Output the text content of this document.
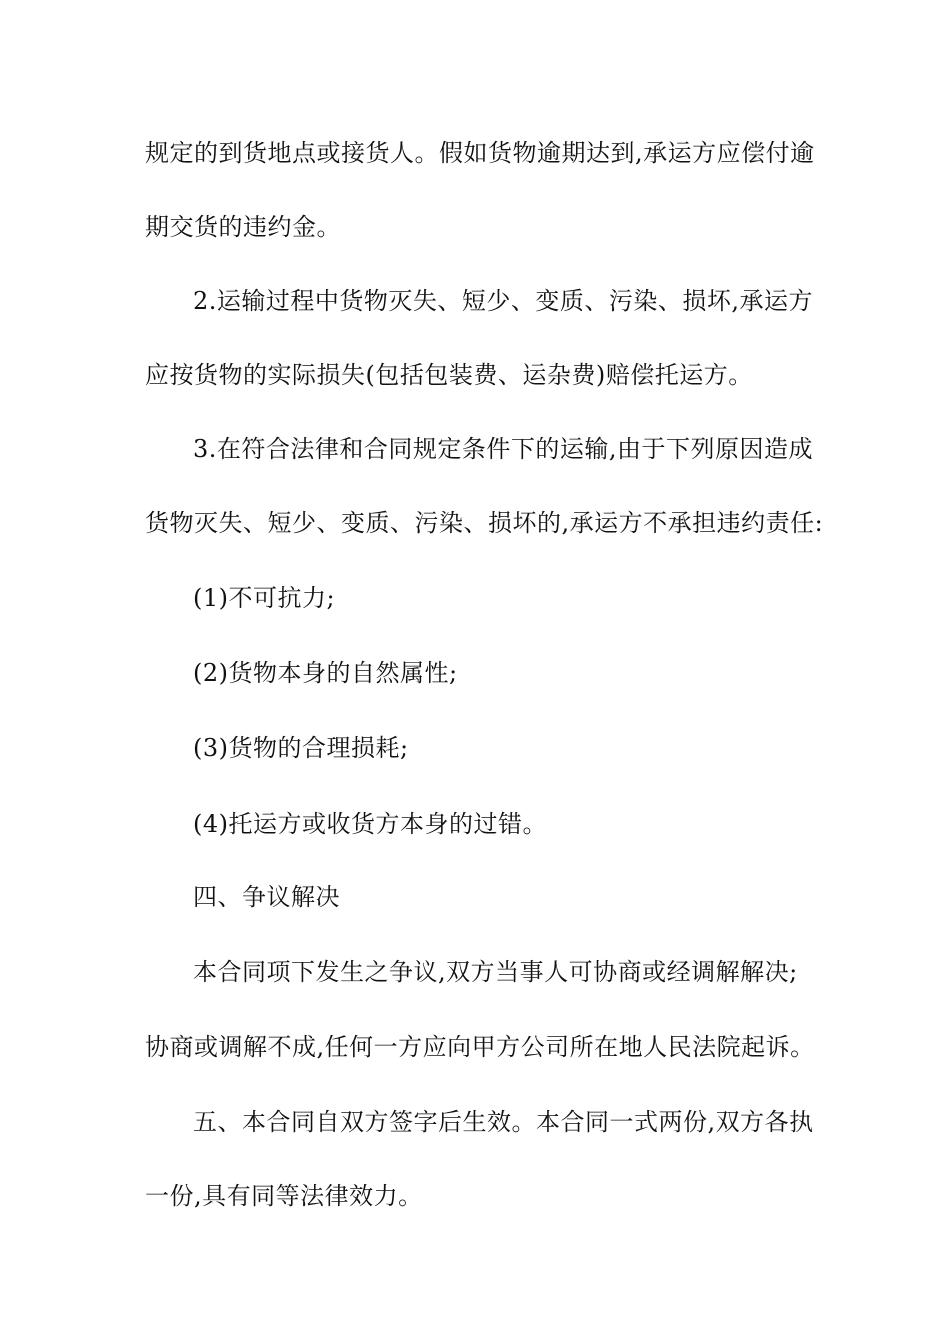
规定的到货地点或接货人。假如货物逾期达到,承运方应偿付逾
期交货的违约金。
2.运输过程中货物灭失、短少、变质、污染、损坏,承运方
应按货物的实际损失(包括包装费、运杂费)赔偿托运方。
3.在符合法律和合同规定条件下的运输,由于下列原因造成
货物灭失、短少、变质、污染、损坏的,承运方不承担违约责任:
(1)不可抗力;
(2)货物本身的自然属性;
(3)货物的合理损耗;
(4)托运方或收货方本身的过错。
四、争议解决
本合同项下发生之争议,双方当事人可协商或经调解解决;
协商或调解不成,任何一方应向甲方公司所在地人民法院起诉。
五、本合同自双方签字后生效。本合同一式两份,双方各执
一份,具有同等法律效力。
